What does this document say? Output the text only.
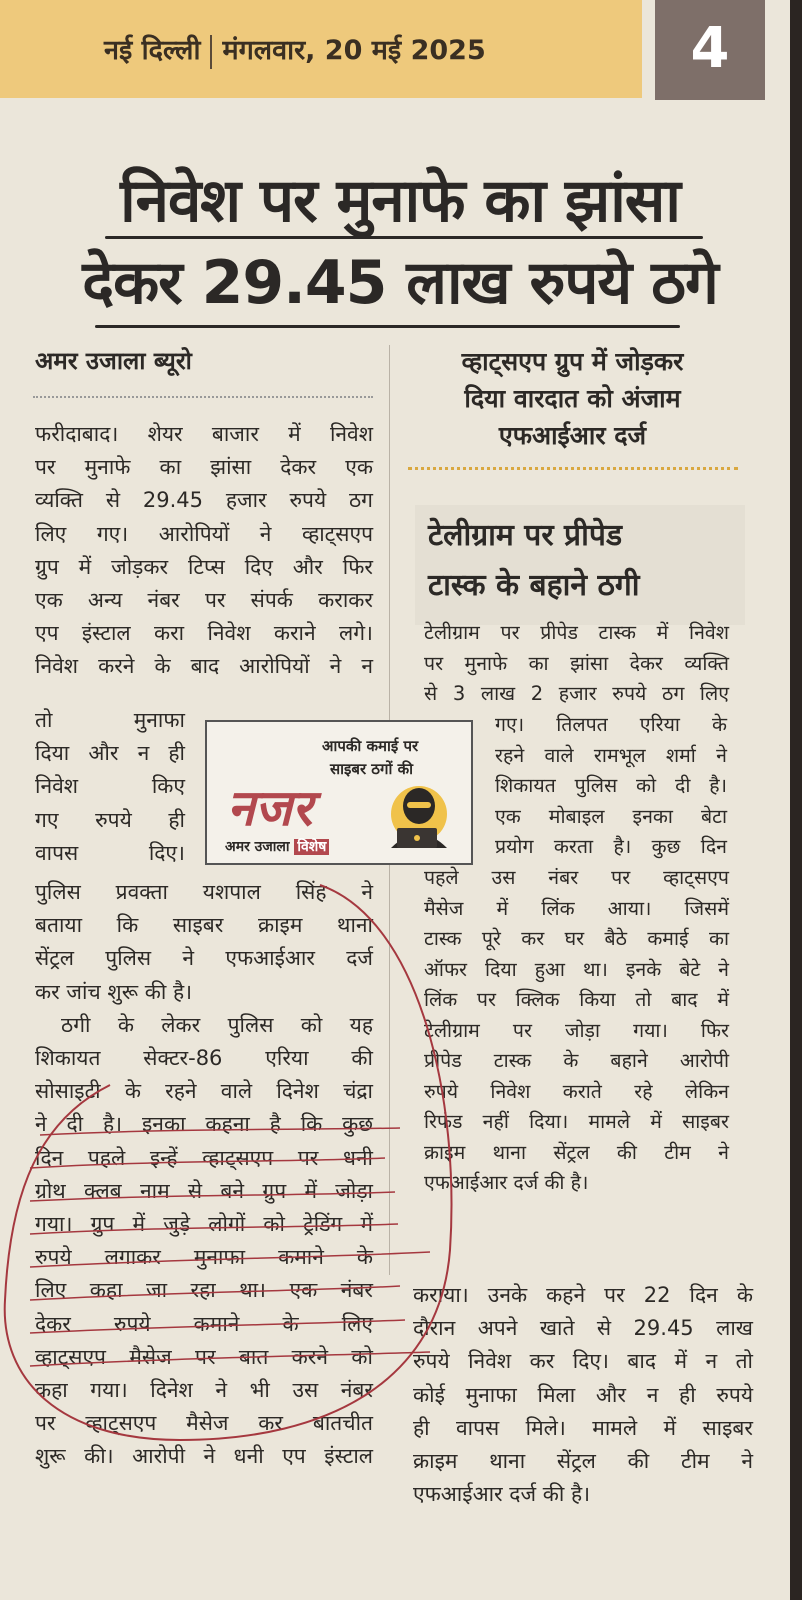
नई दिल्ली मंगलवार, 20 मई 2025	4
निवेश पर मुनाफे का झांसा
देकर 29.45 लाख रुपये ठगे
अमर उजाला ब्यूरो	व्हाट्सएप ग्रुप में जोड़कर
दिया वारदात को अंजाम
एफआईआर दर्ज
फरीदाबाद। शेयर बाजार में निवेश
पर मुनाफे का झांसा देकर एक
व्यक्ति से 29.45 हजार रुपये ठग
लिए गए। आरोपियों ने व्हाट्सएप
ग्रुप में जोड़कर टिप्स दिए और फिर
एक अन्य नंबर पर संपर्क कराकर
एप इंस्टाल करा निवेश कराने लगे।
निवेश करने के बाद आरोपियों ने न
तो मुनाफा
दिया और न ही
निवेश किए
गए रुपये ही
वापस दिए।
पुलिस प्रवक्ता यशपाल सिंह ने
बताया कि साइबर क्राइम थाना
सेंट्रल पुलिस ने एफआईआर दर्ज
कर जांच शुरू की है।
ठगी के लेकर पुलिस को यह
शिकायत सेक्टर-86 एरिया की
सोसाइटी के रहने वाले दिनेश चंद्रा
ने दी है। इनका कहना है कि कुछ
दिन पहले इन्हें व्हाट्सएप पर धनी
ग्रोथ क्लब नाम से बने ग्रुप में जोड़ा
गया। ग्रुप में जुड़े लोगों को ट्रेडिंग में
रुपये लगाकर मुनाफा कमाने के
लिए कहा जा रहा था। एक नंबर
देकर रुपये कमाने के लिए
व्हाट्सएप मैसेज पर बात करने को
कहा गया। दिनेश ने भी उस नंबर
पर व्हाट्सएप मैसेज कर बातचीत
शुरू की। आरोपी ने धनी एप इंस्टाल
कराया। उनके कहने पर 22 दिन के
दौरान अपने खाते से 29.45 लाख
रुपये निवेश कर दिए। बाद में न तो
कोई मुनाफा मिला और न ही रुपये
ही वापस मिले। मामले में साइबर
क्राइम थाना सेंट्रल की टीम ने
एफआईआर दर्ज की है।
टेलीग्राम पर प्रीपेड
टास्क के बहाने ठगी
टेलीग्राम पर प्रीपेड टास्क में निवेश
पर मुनाफे का झांसा देकर व्यक्ति
से 3 लाख 2 हजार रुपये ठग लिए
गए। तिलपत एरिया के
रहने वाले रामभूल शर्मा ने
शिकायत पुलिस को दी है।
एक मोबाइल इनका बेटा
प्रयोग करता है। कुछ दिन
पहले उस नंबर पर व्हाट्सएप
मैसेज में लिंक आया। जिसमें
टास्क पूरे कर घर बैठे कमाई का
ऑफर दिया हुआ था। इनके बेटे ने
लिंक पर क्लिक किया तो बाद में
टेलीग्राम पर जोड़ा गया। फिर
प्रीपेड टास्क के बहाने आरोपी
रुपये निवेश कराते रहे लेकिन
रिफंड नहीं दिया। मामले में साइबर
क्राइम थाना सेंट्रल की टीम ने
एफआईआर दर्ज की है।
आपकी कमाई पर
साइबर ठगों की
नजर
अमर उजाला विशेष
